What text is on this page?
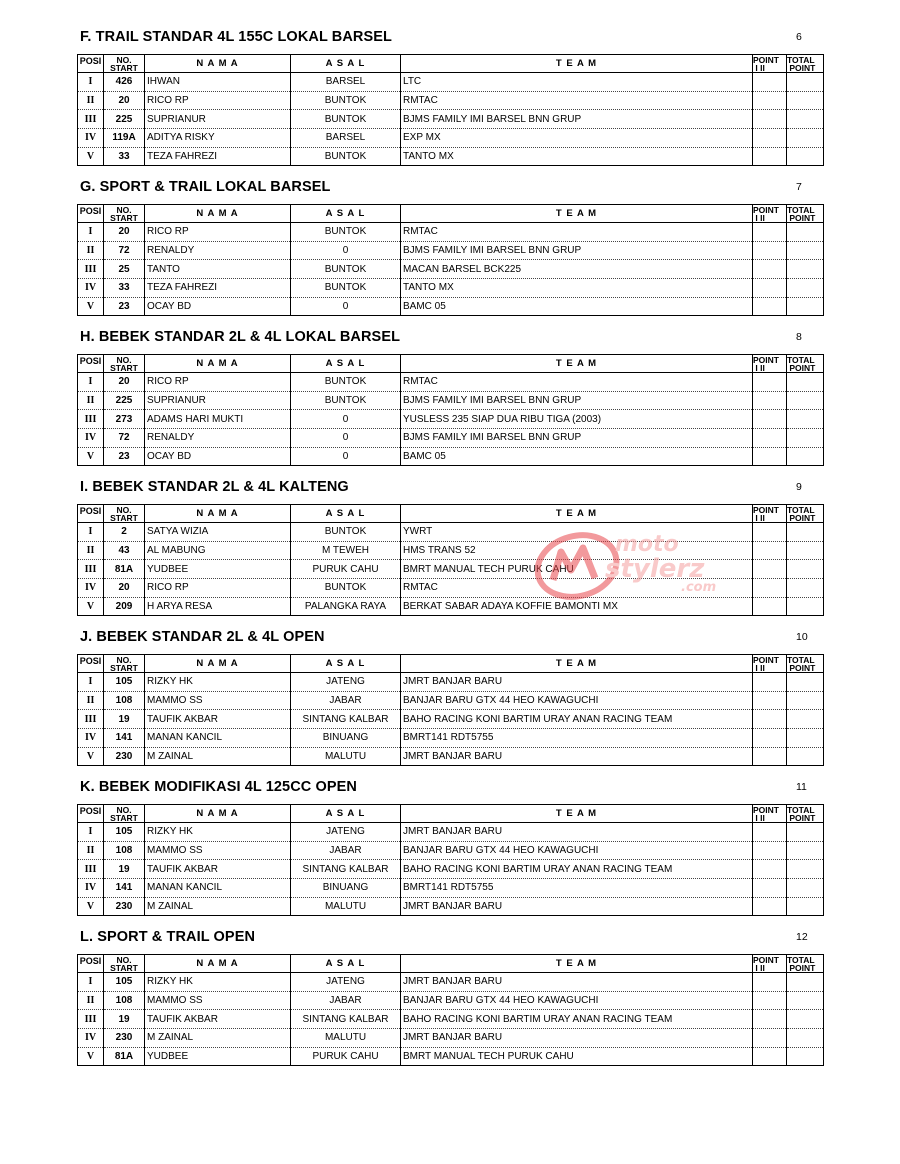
F. TRAIL STANDAR 4L 155C LOKAL BARSEL	6
POSI	NO.
START	N A M A	A S A L	T E A M	POINT
I II	TOTAL
POINT
I	426	IHWAN	BARSEL	LTC		
II	20	RICO RP	BUNTOK	RMTAC		
III	225	SUPRIANUR	BUNTOK	BJMS FAMILY IMI BARSEL BNN GRUP		
IV	119A	ADITYA RISKY	BARSEL	EXP MX		
V	33	TEZA FAHREZI	BUNTOK	TANTO MX		
G. SPORT & TRAIL LOKAL BARSEL	7
POSI	NO.
START	N A M A	A S A L	T E A M	POINT
I II	TOTAL
POINT
I	20	RICO RP	BUNTOK	RMTAC		
II	72	RENALDY	0	BJMS FAMILY IMI BARSEL BNN GRUP		
III	25	TANTO	BUNTOK	MACAN BARSEL BCK225		
IV	33	TEZA FAHREZI	BUNTOK	TANTO MX		
V	23	OCAY BD	0	BAMC 05		
H. BEBEK STANDAR 2L & 4L LOKAL BARSEL	8
POSI	NO.
START	N A M A	A S A L	T E A M	POINT
I II	TOTAL
POINT
I	20	RICO RP	BUNTOK	RMTAC		
II	225	SUPRIANUR	BUNTOK	BJMS FAMILY IMI BARSEL BNN GRUP		
III	273	ADAMS HARI MUKTI	0	YUSLESS 235 SIAP DUA RIBU TIGA (2003)		
IV	72	RENALDY	0	BJMS FAMILY IMI BARSEL BNN GRUP		
V	23	OCAY BD	0	BAMC 05		
I. BEBEK STANDAR 2L & 4L KALTENG	9
POSI	NO.
START	N A M A	A S A L	T E A M	POINT
I II	TOTAL
POINT
I	2	SATYA WIZIA	BUNTOK	YWRT		
II	43	AL MABUNG	M TEWEH	HMS TRANS 52		
III	81A	YUDBEE	PURUK CAHU	BMRT MANUAL TECH PURUK CAHU		
IV	20	RICO RP	BUNTOK	RMTAC		
V	209	H ARYA RESA	PALANGKA RAYA	BERKAT SABAR ADAYA KOFFIE BAMONTI MX		
J. BEBEK STANDAR 2L & 4L OPEN	10
POSI	NO.
START	N A M A	A S A L	T E A M	POINT
I II	TOTAL
POINT
I	105	RIZKY HK	JATENG	JMRT BANJAR BARU		
II	108	MAMMO SS	JABAR	BANJAR BARU GTX 44 HEO KAWAGUCHI		
III	19	TAUFIK AKBAR	SINTANG KALBAR	BAHO RACING KONI BARTIM URAY ANAN RACING TEAM		
IV	141	MANAN KANCIL	BINUANG	BMRT141 RDT5755		
V	230	M ZAINAL	MALUTU	JMRT BANJAR BARU		
K. BEBEK MODIFIKASI 4L 125CC OPEN	11
POSI	NO.
START	N A M A	A S A L	T E A M	POINT
I II	TOTAL
POINT
I	105	RIZKY HK	JATENG	JMRT BANJAR BARU		
II	108	MAMMO SS	JABAR	BANJAR BARU GTX 44 HEO KAWAGUCHI		
III	19	TAUFIK AKBAR	SINTANG KALBAR	BAHO RACING KONI BARTIM URAY ANAN RACING TEAM		
IV	141	MANAN KANCIL	BINUANG	BMRT141 RDT5755		
V	230	M ZAINAL	MALUTU	JMRT BANJAR BARU		
L. SPORT & TRAIL OPEN	12
POSI	NO.
START	N A M A	A S A L	T E A M	POINT
I II	TOTAL
POINT
I	105	RIZKY HK	JATENG	JMRT BANJAR BARU		
II	108	MAMMO SS	JABAR	BANJAR BARU GTX 44 HEO KAWAGUCHI		
III	19	TAUFIK AKBAR	SINTANG KALBAR	BAHO RACING KONI BARTIM URAY ANAN RACING TEAM		
IV	230	M ZAINAL	MALUTU	JMRT BANJAR BARU		
V	81A	YUDBEE	PURUK CAHU	BMRT MANUAL TECH PURUK CAHU		
moto
stylerz
.com
